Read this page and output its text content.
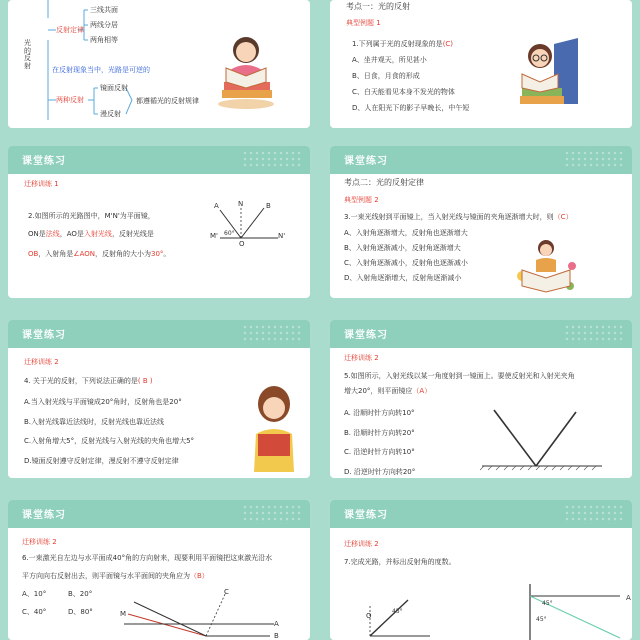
光的反射
反射定律
三线共面
两线分居
两角相等
在反射现象当中，光路是可逆的
两种反射
镜面反射
漫反射
都遵循光的反射规律
考点一：光的反射
典型例题 1
1.下列属于光的反射现象的是(C)
A、坐井观天，所见甚小
B、日食，月食的形成
C、白天能看见本身不发光的物体
D、人在阳光下的影子早晚长，中午短
课堂练习
迁移训练 1
2.如图所示的光路图中，M'N'为平面镜，
ON是法线，AO是入射光线，反射光线是
OB，入射角是∠AON，反射角的大小为30°。
A	N	B
M' 60°
O
N'
课堂练习
考点二：光的反射定律
典型例题 2
3.一束光线射到平面镜上，当入射光线与镜面的夹角逐渐增大时，则（C）
A、入射角逐渐增大，反射角也逐渐增大
B、入射角逐渐减小，反射角逐渐增大
C、入射角逐渐减小，反射角也逐渐减小
D、入射角逐渐增大，反射角逐渐减小
课堂练习
迁移训练 2
4. 关于光的反射，下列说法正确的是( B )
A.当入射光线与平面镜成20°角时，反射角也是20°
B.入射光线靠近法线时，反射光线也靠近法线
C.入射角增大5°，反射光线与入射光线的夹角也增大5°
D.镜面反射遵守反射定律，漫反射不遵守反射定律
课堂练习
迁移训练 2
5.如图所示，入射光线以某一角度射到一镜面上。要使反射光和入射光夹角
增大20°，则平面镜应（A）
A. 沿顺时针方向转10°
B. 沿顺时针方向转20°
C. 沿逆时针方向转10°
D. 沿逆时针方向转20°
课堂练习
迁移训练 2
6.一束激光自左边与水平面成40°角的方向射来，现要利用平面镜把这束激光沿水
平方向向右反射出去，则平面镜与水平面间的夹角应为（B）
A、10°	B、20°
C、40°	D、80°
C
M
A
B
课堂练习
迁移训练 2
7.完成光路，并标出反射角的度数。
O
45°
A
45°
45°
